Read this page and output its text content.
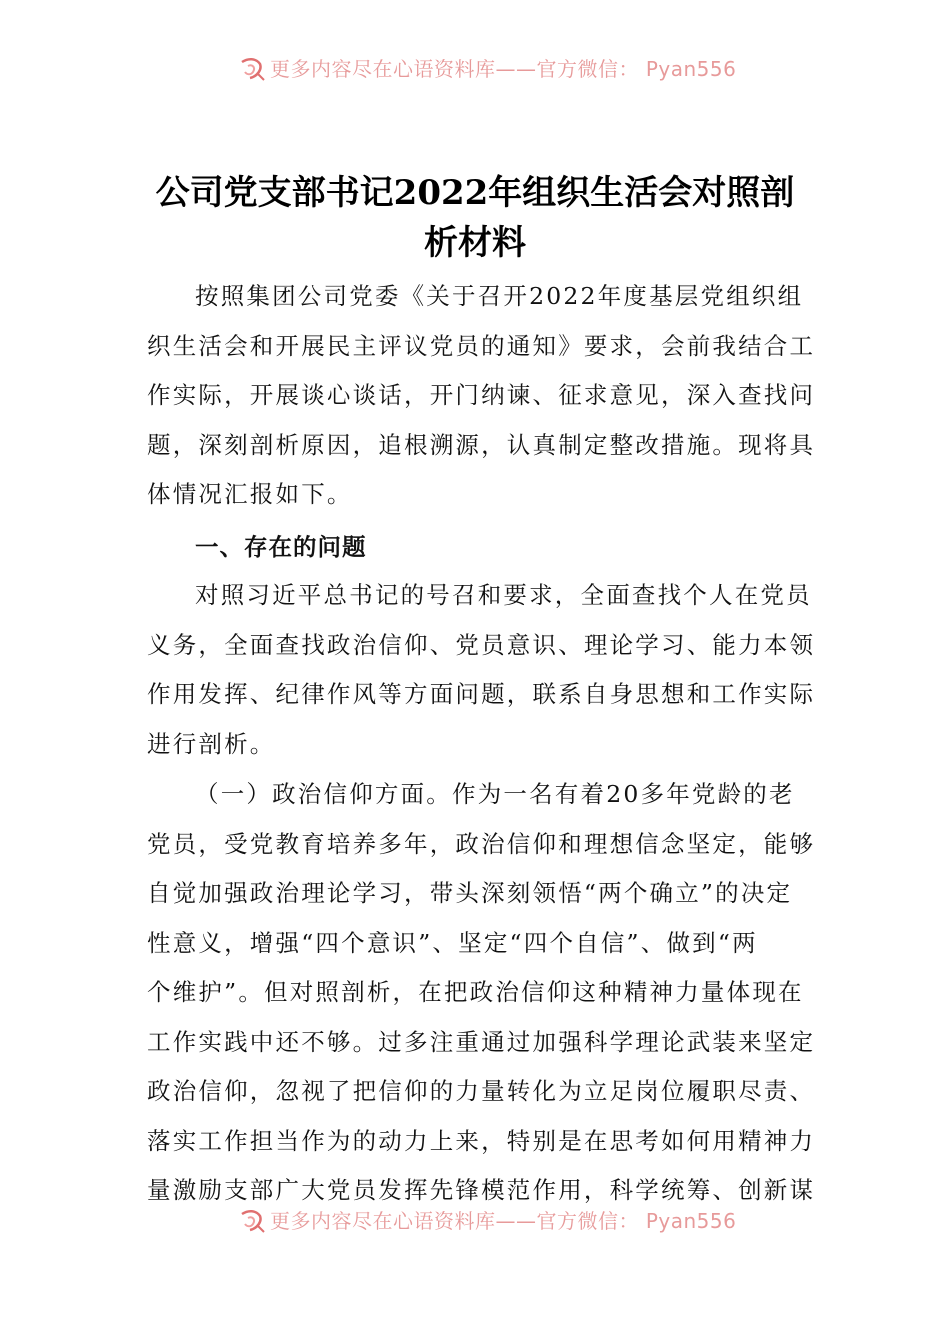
更多内容尽在心语资料库——官方微信： Pyan556
公司党支部书记2022年组织生活会对照剖
析材料

按照集团公司党委《关于召开2022年度基层党组织组
织生活会和开展民主评议党员的通知》要求，会前我结合工
作实际，开展谈心谈话，开门纳谏、征求意见，深入查找问
题，深刻剖析原因，追根溯源，认真制定整改措施。现将具
体情况汇报如下。

一、存在的问题

对照习近平总书记的号召和要求，全面查找个人在党员
义务，全面查找政治信仰、党员意识、理论学习、能力本领
作用发挥、纪律作风等方面问题，联系自身思想和工作实际
进行剖析。

（一）政治信仰方面。作为一名有着20多年党龄的老
党员，受党教育培养多年，政治信仰和理想信念坚定，能够
自觉加强政治理论学习，带头深刻领悟“两个确立”的决定
性意义，增强“四个意识”、坚定“四个自信”、做到“两
个维护”。但对照剖析，在把政治信仰这种精神力量体现在
工作实践中还不够。过多注重通过加强科学理论武装来坚定
政治信仰，忽视了把信仰的力量转化为立足岗位履职尽责、
落实工作担当作为的动力上来，特别是在思考如何用精神力
量激励支部广大党员发挥先锋模范作用，科学统筹、创新谋

更多内容尽在心语资料库——官方微信： Pyan556
